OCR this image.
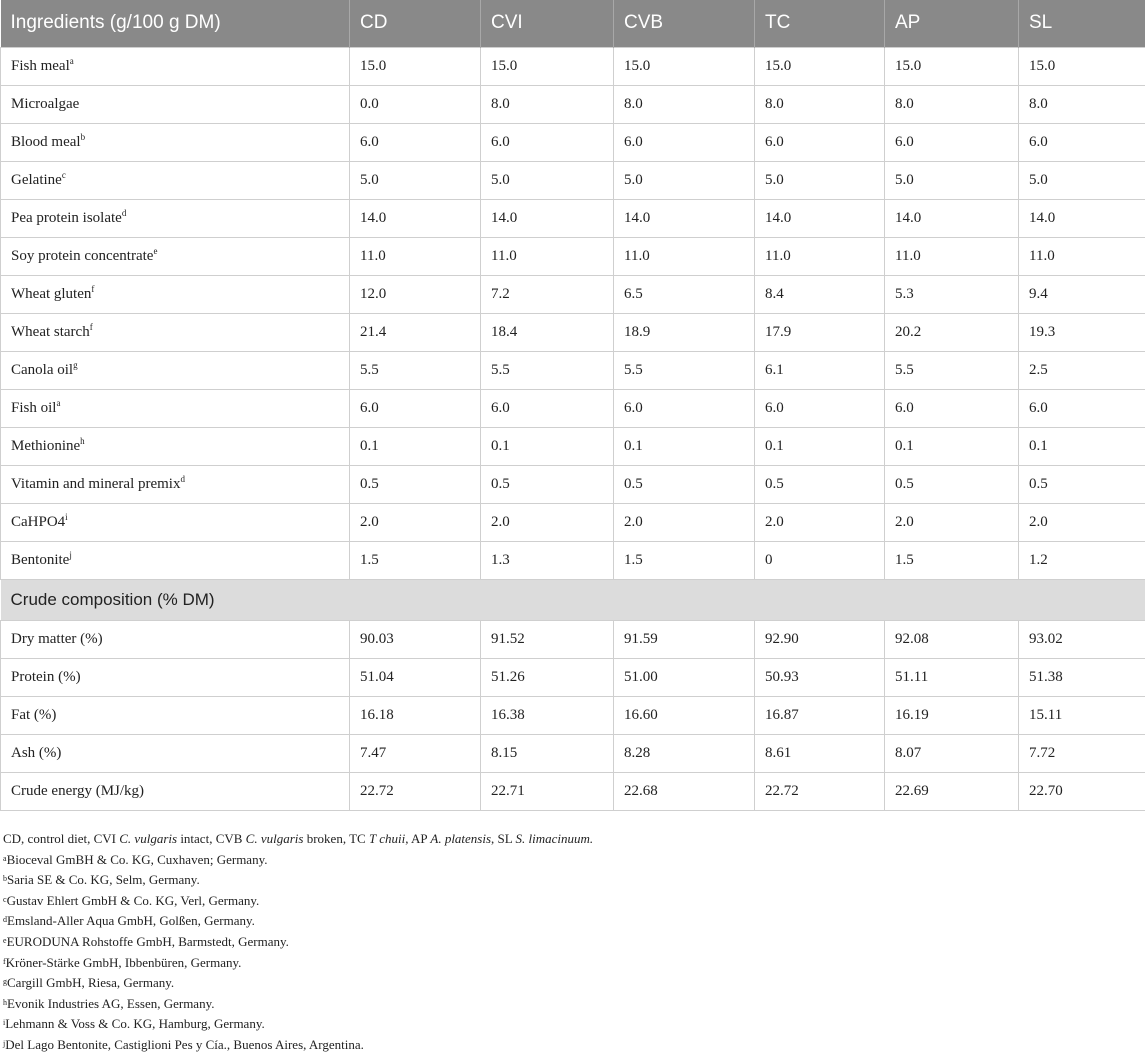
Ingredients (g/100 g DM)	CD	CVI	CVB	TC	AP	SL
Fish meal$^a$	15.0	15.0	15.0	15.0	15.0	15.0
Microalgae	0.0	8.0	8.0	8.0	8.0	8.0
Blood meal$^b$	6.0	6.0	6.0	6.0	6.0	6.0
Gelatine$^c$	5.0	5.0	5.0	5.0	5.0	5.0
Pea protein isolate$^d$	14.0	14.0	14.0	14.0	14.0	14.0
Soy protein concentrate$^e$	11.0	11.0	11.0	11.0	11.0	11.0
Wheat gluten$^f$	12.0	7.2	6.5	8.4	5.3	9.4
Wheat starch$^f$	21.4	18.4	18.9	17.9	20.2	19.3
Canola oil$^g$	5.5	5.5	5.5	6.1	5.5	2.5
Fish oil$^a$	6.0	6.0	6.0	6.0	6.0	6.0
Methionine$^h$	0.1	0.1	0.1	0.1	0.1	0.1
Vitamin and mineral premix$^d$	0.5	0.5	0.5	0.5	0.5	0.5
CaHPO4$^i$	2.0	2.0	2.0	2.0	2.0	2.0
Bentonite$^j$	1.5	1.3	1.5	0	1.5	1.2
Crude composition (% DM)						
Dry matter (%)	90.03	91.52	91.59	92.90	92.08	93.02
Protein (%)	51.04	51.26	51.00	50.93	51.11	51.38
Fat (%)	16.18	16.38	16.60	16.87	16.19	15.11
Ash (%)	7.47	8.15	8.28	8.61	8.07	7.72
Crude energy (MJ/kg)	22.72	22.71	22.68	22.72	22.69	22.70
CD, control diet, CVI C. vulgaris intact, CVB C. vulgaris broken, TC T chuii, AP A. platensis, SL S. limacinuum.
$^a$Bioceval GmBH & Co. KG, Cuxhaven; Germany.
$^b$Saria SE & Co. KG, Selm, Germany.
$^c$Gustav Ehlert GmbH & Co. KG, Verl, Germany.
$^d$Emsland-Aller Aqua GmbH, Golßen, Germany.
$^e$EURODUNA Rohstoffe GmbH, Barmstedt, Germany.
$^f$Kröner-Stärke GmbH, Ibbenbüren, Germany.
$^g$Cargill GmbH, Riesa, Germany.
$^h$Evonik Industries AG, Essen, Germany.
$^i$Lehmann & Voss & Co. KG, Hamburg, Germany.
$^j$Del Lago Bentonite, Castiglioni Pes y Cía., Buenos Aires, Argentina.
